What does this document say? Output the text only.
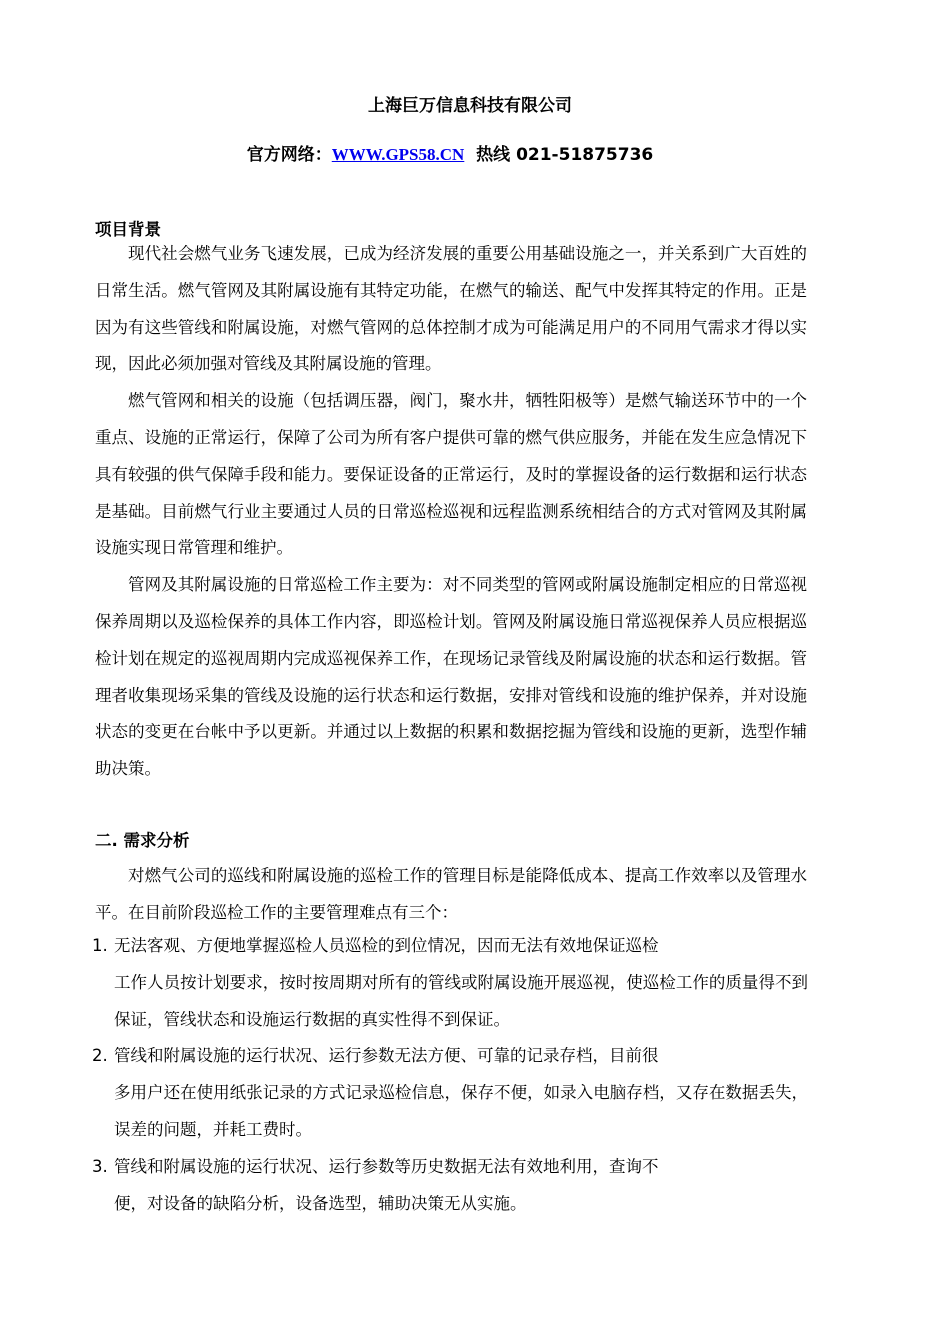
上海巨万信息科技有限公司
官方网络：WWW.GPS58.CN 热线 021-51875736
项目背景

现代社会燃气业务飞速发展，已成为经济发展的重要公用基础设施之一，并关系到广大百姓的日常生活。燃气管网及其附属设施有其特定功能，在燃气的输送、配气中发挥其特定的作用。正是因为有这些管线和附属设施，对燃气管网的总体控制才成为可能满足用户的不同用气需求才得以实现，因此必须加强对管线及其附属设施的管理。

燃气管网和相关的设施（包括调压器，阀门，聚水井，牺牲阳极等）是燃气输送环节中的一个重点、设施的正常运行，保障了公司为所有客户提供可靠的燃气供应服务，并能在发生应急情况下具有较强的供气保障手段和能力。要保证设备的正常运行，及时的掌握设备的运行数据和运行状态是基础。目前燃气行业主要通过人员的日常巡检巡视和远程监测系统相结合的方式对管网及其附属设施实现日常管理和维护。

管网及其附属设施的日常巡检工作主要为：对不同类型的管网或附属设施制定相应的日常巡视保养周期以及巡检保养的具体工作内容，即巡检计划。管网及附属设施日常巡视保养人员应根据巡检计划在规定的巡视周期内完成巡视保养工作，在现场记录管线及附属设施的状态和运行数据。管理者收集现场采集的管线及设施的运行状态和运行数据，安排对管线和设施的维护保养，并对设施状态的变更在台帐中予以更新。并通过以上数据的积累和数据挖掘为管线和设施的更新，选型作辅助决策。

二. 需求分析

对燃气公司的巡线和附属设施的巡检工作的管理目标是能降低成本、提高工作效率以及管理水平。在目前阶段巡检工作的主要管理难点有三个：

1. 无法客观、方便地掌握巡检人员巡检的到位情况，因而无法有效地保证巡检
工作人员按计划要求，按时按周期对所有的管线或附属设施开展巡视，使巡检工作的质量得不到保证，管线状态和设施运行数据的真实性得不到保证。
2. 管线和附属设施的运行状况、运行参数无法方便、可靠的记录存档，目前很
多用户还在使用纸张记录的方式记录巡检信息，保存不便，如录入电脑存档，又存在数据丢失，误差的问题，并耗工费时。
3. 管线和附属设施的运行状况、运行参数等历史数据无法有效地利用，查询不
便，对设备的缺陷分析，设备选型，辅助决策无从实施。
